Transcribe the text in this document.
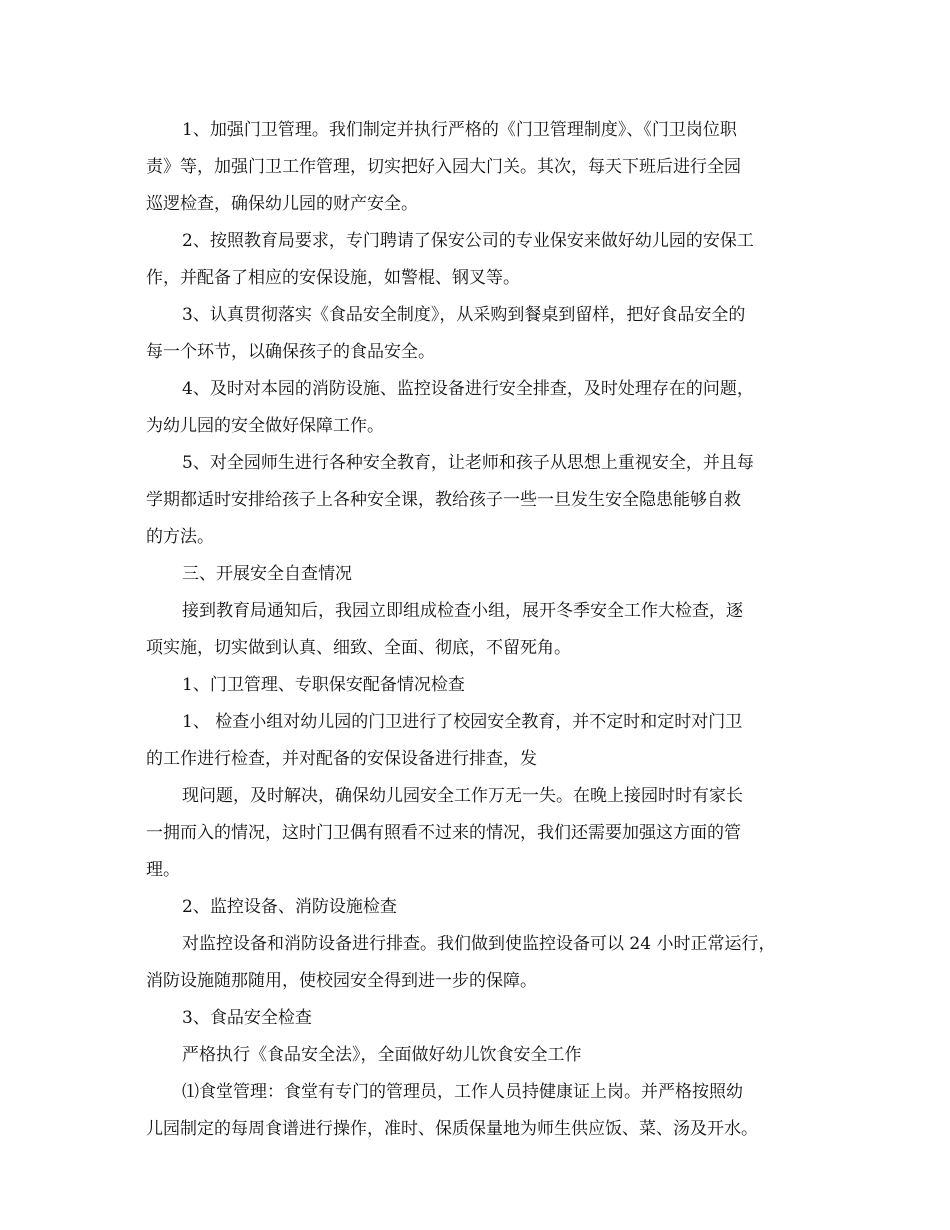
1、加强门卫管理。我们制定并执行严格的《门卫管理制度》、《门卫岗位职
责》等，加强门卫工作管理，切实把好入园大门关。其次，每天下班后进行全园
巡逻检查，确保幼儿园的财产安全。
2、按照教育局要求，专门聘请了保安公司的专业保安来做好幼儿园的安保工
作，并配备了相应的安保设施，如警棍、钢叉等。
3、认真贯彻落实《食品安全制度》，从采购到餐桌到留样，把好食品安全的
每一个环节，以确保孩子的食品安全。
4、及时对本园的消防设施、监控设备进行安全排查，及时处理存在的问题，
为幼儿园的安全做好保障工作。
5、对全园师生进行各种安全教育，让老师和孩子从思想上重视安全，并且每
学期都适时安排给孩子上各种安全课，教给孩子一些一旦发生安全隐患能够自救
的方法。
三、开展安全自查情况
接到教育局通知后，我园立即组成检查小组，展开冬季安全工作大检查，逐
项实施，切实做到认真、细致、全面、彻底，不留死角。
1、门卫管理、专职保安配备情况检查
1、 检查小组对幼儿园的门卫进行了校园安全教育，并不定时和定时对门卫
的工作进行检查，并对配备的安保设备进行排查，发
现问题，及时解决，确保幼儿园安全工作万无一失。在晚上接园时时有家长
一拥而入的情况，这时门卫偶有照看不过来的情况，我们还需要加强这方面的管
理。
2、监控设备、消防设施检查
对监控设备和消防设备进行排查。我们做到使监控设备可以 24 小时正常运行，
消防设施随那随用，使校园安全得到进一步的保障。
3、食品安全检查
严格执行《食品安全法》，全面做好幼儿饮食安全工作
⑴食堂管理：食堂有专门的管理员，工作人员持健康证上岗。并严格按照幼
儿园制定的每周食谱进行操作，准时、保质保量地为师生供应饭、菜、汤及开水。
